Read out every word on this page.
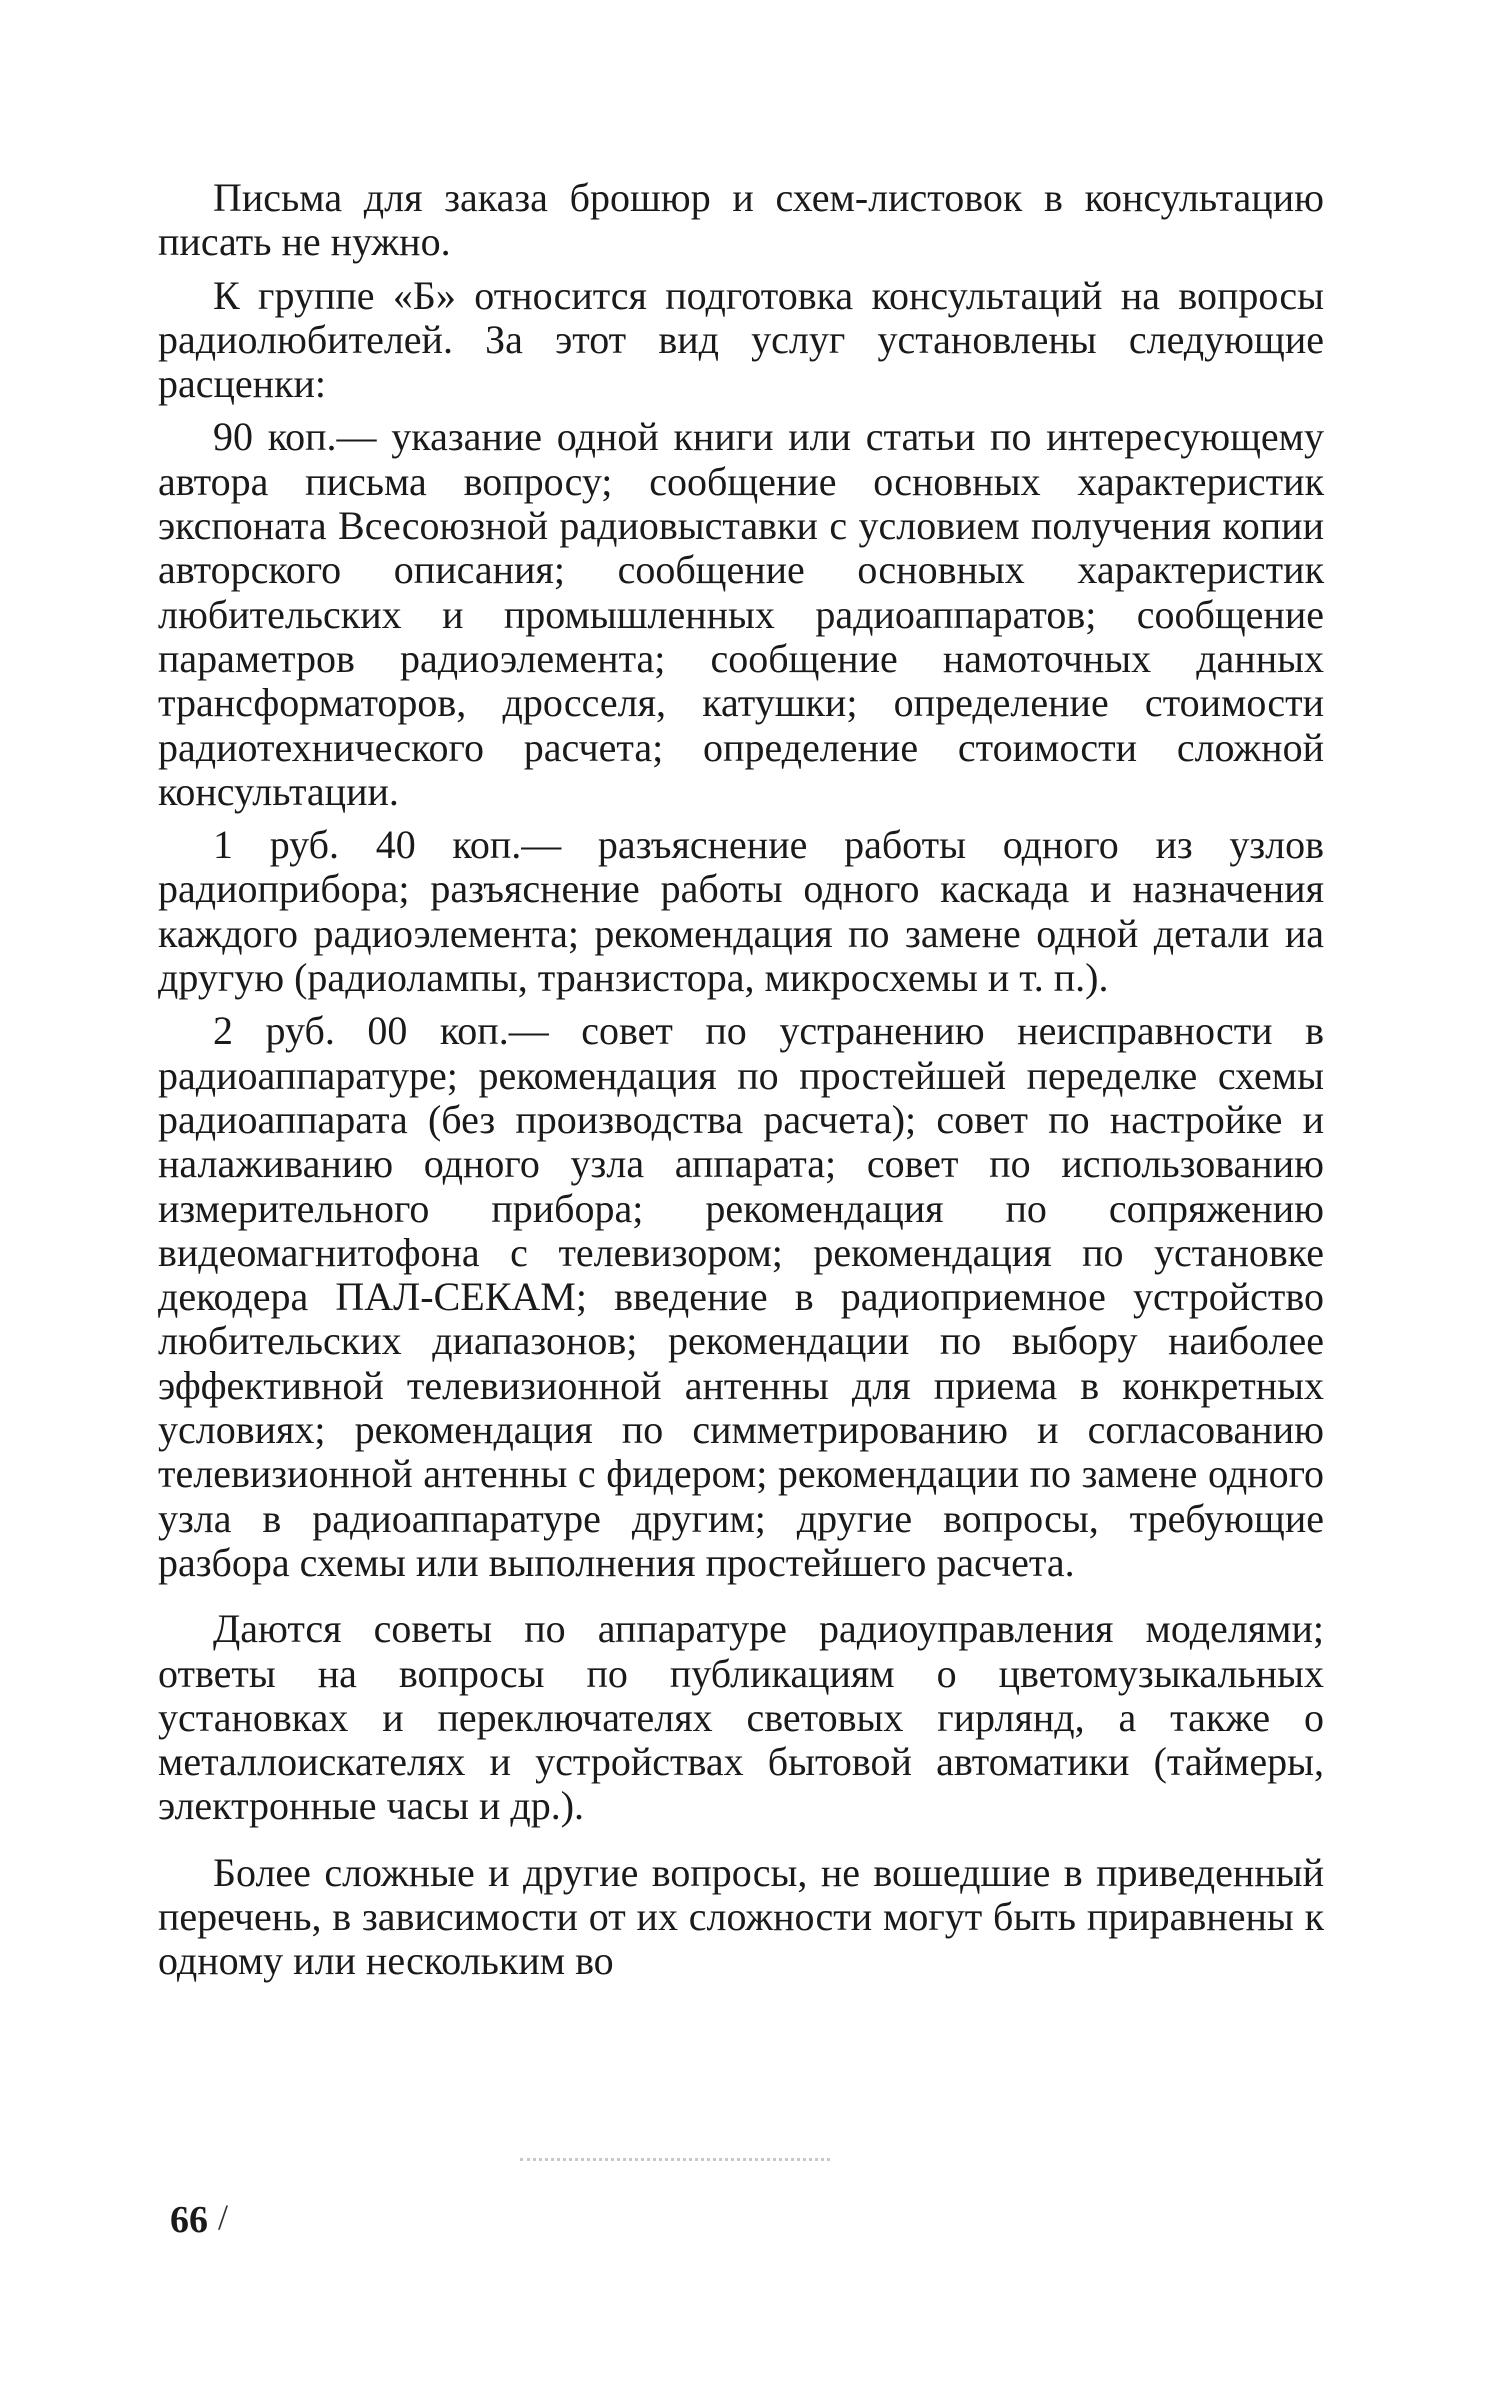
Письма для заказа брошюр и схем-листовок в консультацию писать не нужно.

К группе «Б» относится подготовка консультаций на вопросы радиолюбителей. За этот вид услуг установлены следующие расценки:

90 коп.— указание одной книги или статьи по интересующему автора письма вопросу; сообщение основных характеристик экспоната Всесоюзной радиовыставки с условием получения копии авторского описания; сообщение основных характеристик любительских и промышленных радиоаппаратов; сообщение параметров радиоэлемента; сообщение намоточных данных трансформаторов, дросселя, катушки; определение стоимости радиотехнического расчета; определение стоимости сложной консультации.

1 руб. 40 коп.— разъяснение работы одного из узлов радиоприбора; разъяснение работы одного каскада и назначения каждого радиоэлемента; рекомендация по замене одной детали иа другую (радиолампы, транзистора, микросхемы и т. п.).

2 руб. 00 коп.— совет по устранению неисправности в радиоаппаратуре; рекомендация по простейшей переделке схемы радиоаппарата (без производства расчета); совет по настройке и налаживанию одного узла аппарата; совет по использованию измерительного прибора; рекомендация по сопряжению видеомагнитофона с телевизором; рекомендация по установке декодера ПАЛ-СЕКАМ; введение в радиоприемное устройство любительских диапазонов; рекомендации по выбору наиболее эффективной телевизионной антенны для приема в конкретных условиях; рекомендация по симметрированию и согласованию телевизионной антенны с фидером; рекомендации по замене одного узла в радиоаппаратуре другим; другие вопросы, требующие разбора схемы или выполнения простейшего расчета.

Даются советы по аппаратуре радиоуправления моделями; ответы на вопросы по публикациям о цветомузыкальных установках и переключателях световых гирлянд, а также о металлоискателях и устройствах бытовой автоматики (таймеры, электронные часы и др.).

Более сложные и другие вопросы, не вошедшие в приведенный перечень, в зависимости от их сложности могут быть приравнены к одному или нескольким во

66 /
